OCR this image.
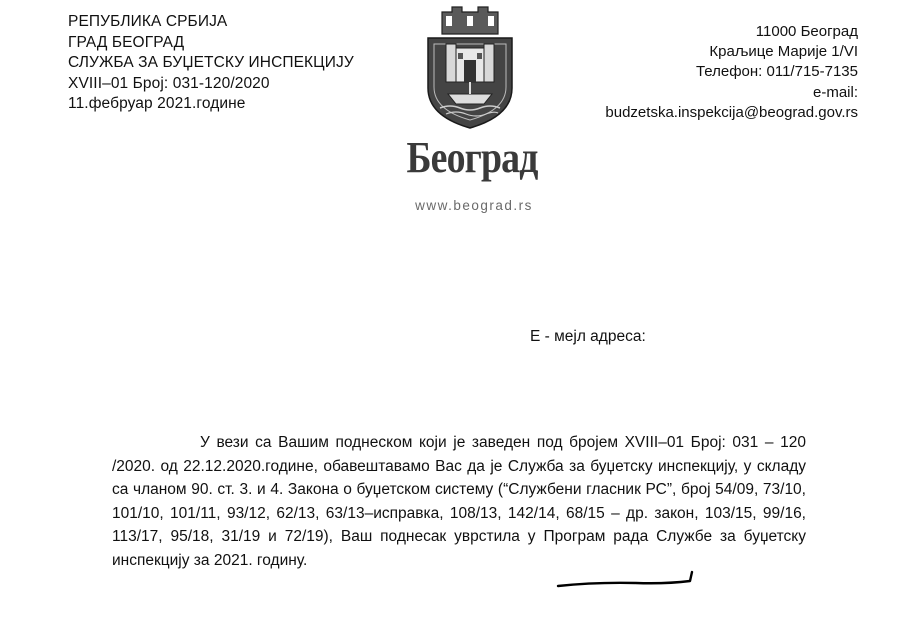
РЕПУБЛИКА СРБИЈА
ГРАД БЕОГРАД
СЛУЖБА ЗА БУЏЕТСКУ ИНСПЕКЦИЈУ
XVIII–01 Број: 031-120/2020
11.фебруар 2021.године
Београд
www.beograd.rs
11000 Београд
Краљице Марије 1/VI
Телефон: 011/715-7135
e-mail:
budzetska.inspekcija@beograd.gov.rs
Е - мејл адреса:
У вези са Вашим поднеском који је заведен под бројем XVIII–01 Број: 031 – 120 /2020. од 22.12.2020.године, обавештавамо Вас да је Служба за буџетску инспекцију, у складу са чланом 90. ст. 3. и 4. Закона о буџетском систему (“Службени гласник РС”, број 54/09, 73/10, 101/10, 101/11, 93/12, 62/13, 63/13–исправка, 108/13, 142/14, 68/15 – др. закон, 103/15, 99/16, 113/17, 95/18, 31/19 и 72/19), Ваш поднесак уврстила у Програм рада Службе за буџетску инспекцију за 2021. годину.
